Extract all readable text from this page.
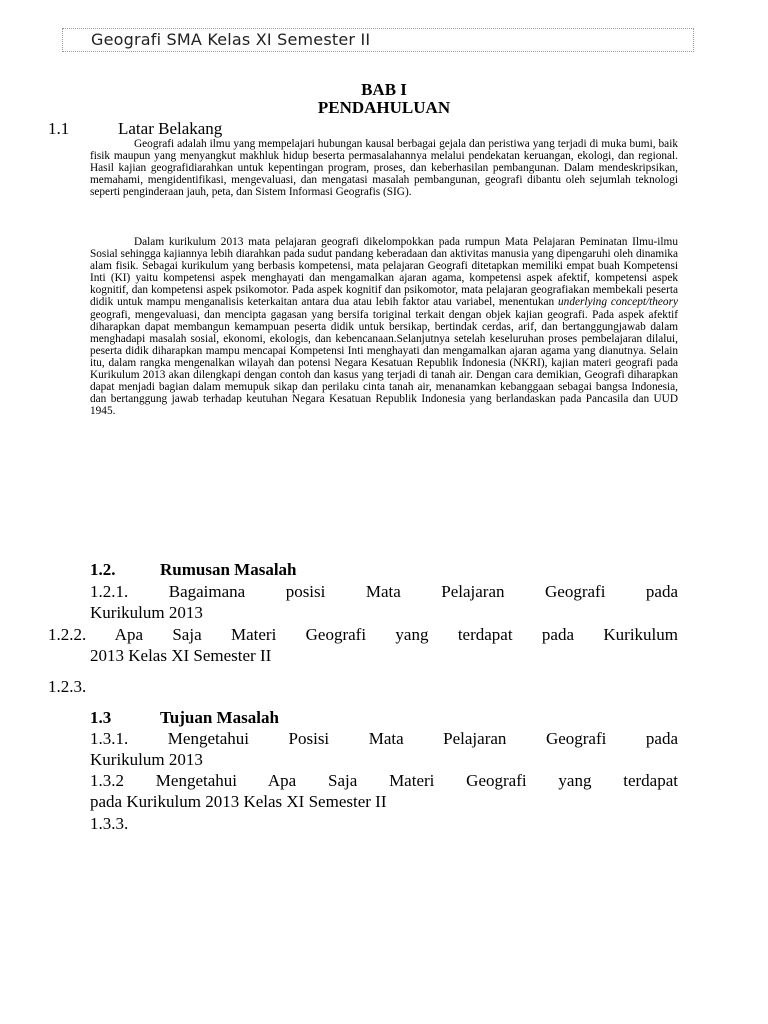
Geografi SMA Kelas XI Semester II

BAB I

PENDAHULUAN

1.1	Latar Belakang

Geografi adalah ilmu yang mempelajari hubungan kausal berbagai gejala dan peristiwa yang terjadi di muka bumi, baik fisik maupun yang menyangkut makhluk hidup beserta permasalahannya melalui pendekatan keruangan, ekologi, dan regional. Hasil kajian geografidiarahkan untuk kepentingan program, proses, dan keberhasilan pembangunan. Dalam mendeskripsikan, memahami, mengidentifikasi, mengevaluasi, dan mengatasi masalah pembangunan, geografi dibantu oleh sejumlah teknologi seperti penginderaan jauh, peta, dan Sistem Informasi Geografis (SIG).

Dalam kurikulum 2013 mata pelajaran geografi dikelompokkan pada rumpun Mata Pelajaran Peminatan Ilmu-ilmu Sosial sehingga kajiannya lebih diarahkan pada sudut pandang keberadaan dan aktivitas manusia yang dipengaruhi oleh dinamika alam fisik. Sebagai kurikulum yang berbasis kompetensi, mata pelajaran Geografi ditetapkan memiliki empat buah Kompetensi Inti (KI) yaitu kompetensi aspek menghayati dan mengamalkan ajaran agama, kompetensi aspek afektif, kompetensi aspek kognitif, dan kompetensi aspek psikomotor. Pada aspek kognitif dan psikomotor, mata pelajaran geografiakan membekali peserta didik untuk mampu menganalisis keterkaitan antara dua atau lebih faktor atau variabel, menentukan underlying concept/theory geografi, mengevaluasi, dan mencipta gagasan yang bersifa toriginal terkait dengan objek kajian geografi. Pada aspek afektif diharapkan dapat membangun kemampuan peserta didik untuk bersikap, bertindak cerdas, arif, dan bertanggungjawab dalam menghadapi masalah sosial, ekonomi, ekologis, dan kebencanaan.Selanjutnya setelah keseluruhan proses pembelajaran dilalui, peserta didik diharapkan mampu mencapai Kompetensi Inti menghayati dan mengamalkan ajaran agama yang dianutnya. Selain itu, dalam rangka mengenalkan wilayah dan potensi Negara Kesatuan Republik Indonesia (NKRI), kajian materi geografi pada Kurikulum 2013 akan dilengkapi dengan contoh dan kasus yang terjadi di tanah air. Dengan cara demikian, Geografi diharapkan dapat menjadi bagian dalam memupuk sikap dan perilaku cinta tanah air, menanamkan kebanggaan sebagai bangsa Indonesia, dan bertanggung jawab terhadap keutuhan Negara Kesatuan Republik Indonesia yang berlandaskan pada Pancasila dan UUD 1945.

1.2.	Rumusan Masalah

1.2.1. Bagaimana posisi Mata Pelajaran Geografi pada
Kurikulum 2013
1.2.2. Apa Saja Materi Geografi yang terdapat pada Kurikulum
2013 Kelas XI Semester II

1.2.3.

1.3	Tujuan Masalah

1.3.1. Mengetahui Posisi Mata Pelajaran Geografi pada
Kurikulum 2013
1.3.2 Mengetahui Apa Saja Materi Geografi yang terdapat
pada Kurikulum 2013 Kelas XI Semester II

1.3.3.
